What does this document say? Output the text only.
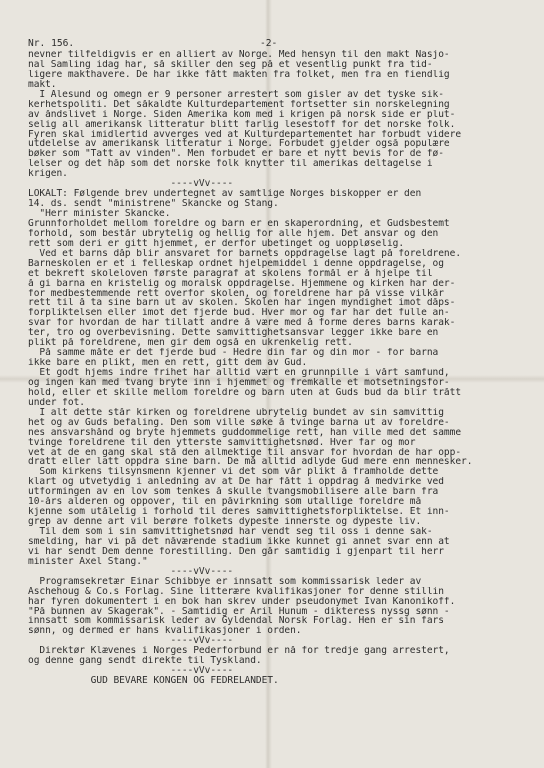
Nr. 156.	-2-
nevner tilfeldigvis er en alliert av Norge. Med hensyn til den makt Nasjo-
nal Samling idag har, så skiller den seg på et vesentlig punkt fra tid-
ligere makthavere. De har ikke fått makten fra folket, men fra en fiendlig
makt.
I Ålesund og omegn er 9 personer arrestert som gisler av det tyske sik-
kerhetspoliti. Det såkaldte Kulturdepartement fortsetter sin norskelegning
av åndslivet i Norge. Siden Amerika kom med i krigen på norsk side er plut-
selig all amerikansk litteratur blitt farlig lesestoff for det norske folk.
Fyren skal imidlertid avverges ved at Kulturdepartementet har forbudt videre
utdelelse av amerikansk litteratur i Norge. Forbudet gjelder også populære
bøker som "Tatt av vinden". Men forbudet er bare et nytt bevis for de fø-
lelser og det håp som det norske folk knytter til amerikas deltagelse i
krigen.
----vVv----
LOKALT: Følgende brev undertegnet av samtlige Norges biskopper er den
14. ds. sendt "ministrene" Skancke og Stang.
"Herr minister Skancke.
Grunnforholdet mellom foreldre og barn er en skaperordning, et Gudsbestemt
forhold, som består ubrytelig og hellig for alle hjem. Det ansvar og den
rett som deri er gitt hjemmet, er derfor ubetinget og uoppløselig.
Ved et barns dåp blir ansvaret for barnets oppdragelse lagt på foreldrene.
Barneskolen er et i felleskap ordnet hjelpemiddel i denne oppdragelse, og
et bekreft skoleloven første paragraf at skolens formål er å hjelpe til
å gi barna en kristelig og moralsk oppdragelse. Hjemmene og kirken har der-
for medbestemmende rett overfor skolen, og foreldrene har på visse vilkår
rett til å ta sine barn ut av skolen. Skolen har ingen myndighet imot dåps-
forpliktelsen eller imot det fjerde bud. Hver mor og far har det fulle an-
svar for hvordan de har tillatt andre å være med å forme deres barns karak-
ter, tro og overbevisning. Dette samvittighetsansvar legger ikke bare en
plikt på foreldrene, men gir dem også en ukrenkelig rett.
På samme måte er det fjerde bud - Hedre din far og din mor - for barna
ikke bare en plikt, men en rett, gitt dem av Gud.
Et godt hjems indre frihet har alltid vært en grunnpille i vårt samfund,
og ingen kan med tvang bryte inn i hjemmet og fremkalle et motsetningsfor-
hold, eller et skille mellom foreldre og barn uten at Guds bud da blir trått
under fot.
I alt dette står kirken og foreldrene ubrytelig bundet av sin samvittig
het og av Guds befaling. Den som ville søke å tvinge barna ut av foreldre-
nes ansvarshånd og bryte hjemmets guddommelige rett, han ville med det samme
tvinge foreldrene til den ytterste samvittighetsnød. Hver far og mor
vet at de en gang skal stå den allmektige til ansvar for hvordan de har opp-
dratt eller latt oppdra sine barn. De må alltid adlyde Gud mere enn mennesker.
Som kirkens tilsynsmenn kjenner vi det som vår plikt å framholde dette
klart og utvetydig i anledning av at De har fått i oppdrag å medvirke ved
utformingen av en lov som tenkes å skulle tvangsmobilisere alle barn fra
10-års alderen og oppover, til en påvirkning som utallige foreldre må
kjenne som utålelig i forhold til deres samvittighetsforpliktelse. Et inn-
grep av denne art vil berøre folkets dypeste innerste og dypeste liv.
Til dem som i sin samvittighetsnød har vendt seg til oss i denne sak-
smelding, har vi på det nåværende stadium ikke kunnet gi annet svar enn at
vi har sendt Dem denne forestilling. Den går samtidig i gjenpart til herr
minister Axel Stang."
----vVv----
Programsekretær Einar Schibbye er innsatt som kommissarisk leder av
Aschehoug & Co.s Forlag. Sine litterære kvalifikasjoner for denne stillin
har fyren dokumentert i en bok han skrev under pseudonymet Ivan Kanonikoff.
"På bunnen av Skagerak". - Samtidig er Aril Hunum - dikteress nyssg sønn -
innsatt som kommissarisk leder av Gyldendal Norsk Forlag. Hen er sin fars
sønn, og dermed er hans kvalifikasjoner i orden.
----vVv----
Direktør Klævenes i Norges Pederforbund er nå for tredje gang arrestert,
og denne gang sendt direkte til Tyskland.
----vVv----
GUD BEVARE KONGEN OG FEDRELANDET.
